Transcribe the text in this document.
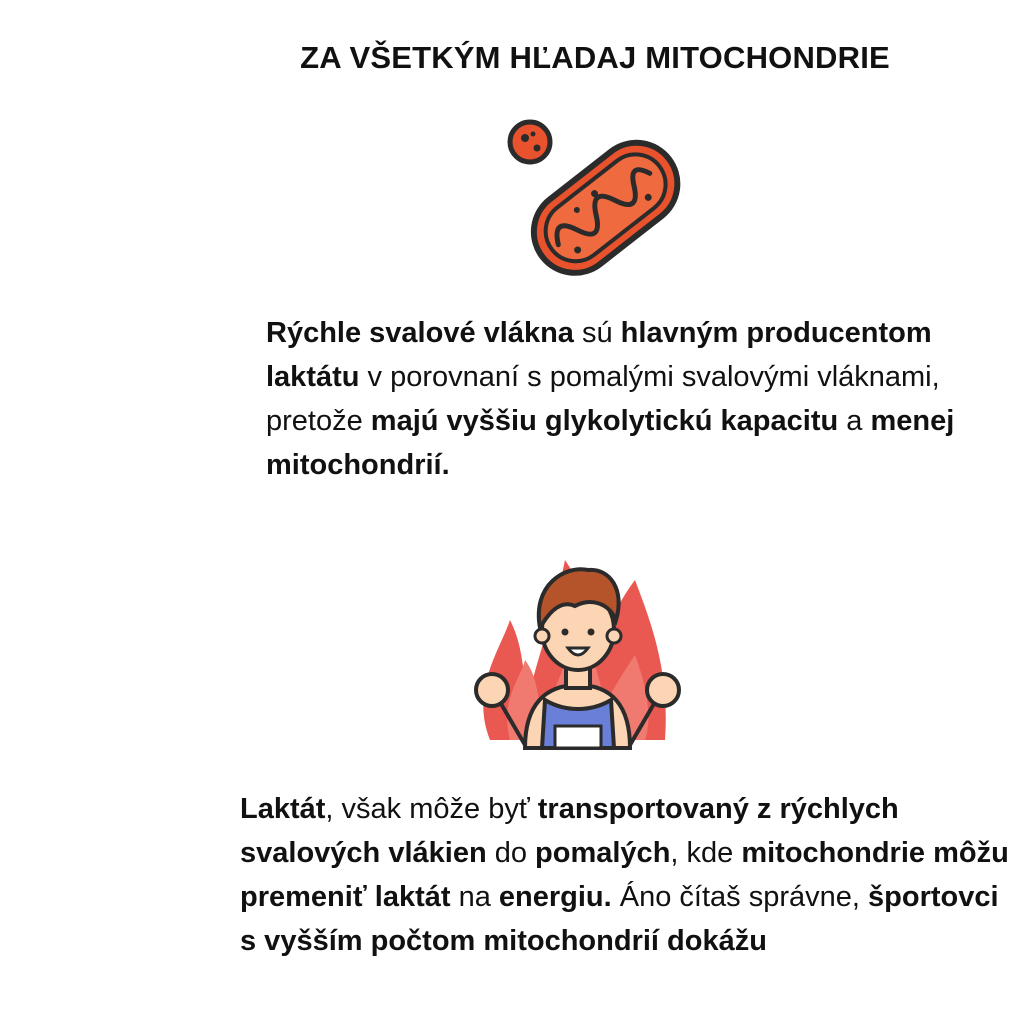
ZA VŠETKÝM HĽADAJ MITOCHONDRIE

Rýchle svalové vlákna sú hlavným producentom laktátu v porovnaní s pomalými svalovými vláknami, pretože majú vyššiu glykolytickú kapacitu a menej mitochondrií.

Laktát, však môže byť transportovaný z rýchlych svalových vlákien do pomalých, kde mitochondrie môžu premeniť laktát na energiu. Áno čítaš správne, športovci s vyšším počtom mitochondrií dokážu
